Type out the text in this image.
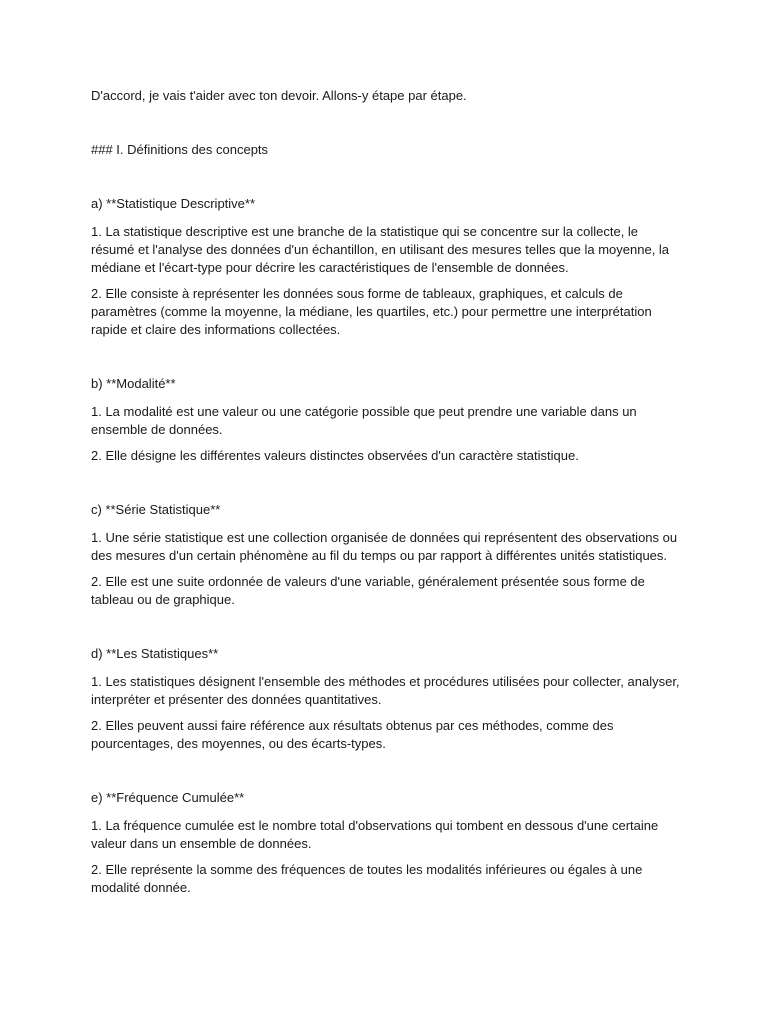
D'accord, je vais t'aider avec ton devoir. Allons-y étape par étape.

### I. Définitions des concepts

a) **Statistique Descriptive**

1. La statistique descriptive est une branche de la statistique qui se concentre sur la collecte, le résumé et l'analyse des données d'un échantillon, en utilisant des mesures telles que la moyenne, la médiane et l'écart-type pour décrire les caractéristiques de l'ensemble de données.

2. Elle consiste à représenter les données sous forme de tableaux, graphiques, et calculs de paramètres (comme la moyenne, la médiane, les quartiles, etc.) pour permettre une interprétation rapide et claire des informations collectées.

b) **Modalité**

1. La modalité est une valeur ou une catégorie possible que peut prendre une variable dans un ensemble de données.

2. Elle désigne les différentes valeurs distinctes observées d'un caractère statistique.

c) **Série Statistique**

1. Une série statistique est une collection organisée de données qui représentent des observations ou des mesures d'un certain phénomène au fil du temps ou par rapport à différentes unités statistiques.

2. Elle est une suite ordonnée de valeurs d'une variable, généralement présentée sous forme de tableau ou de graphique.

d) **Les Statistiques**

1. Les statistiques désignent l'ensemble des méthodes et procédures utilisées pour collecter, analyser, interpréter et présenter des données quantitatives.

2. Elles peuvent aussi faire référence aux résultats obtenus par ces méthodes, comme des pourcentages, des moyennes, ou des écarts-types.

e) **Fréquence Cumulée**

1. La fréquence cumulée est le nombre total d'observations qui tombent en dessous d'une certaine valeur dans un ensemble de données.

2. Elle représente la somme des fréquences de toutes les modalités inférieures ou égales à une modalité donnée.
